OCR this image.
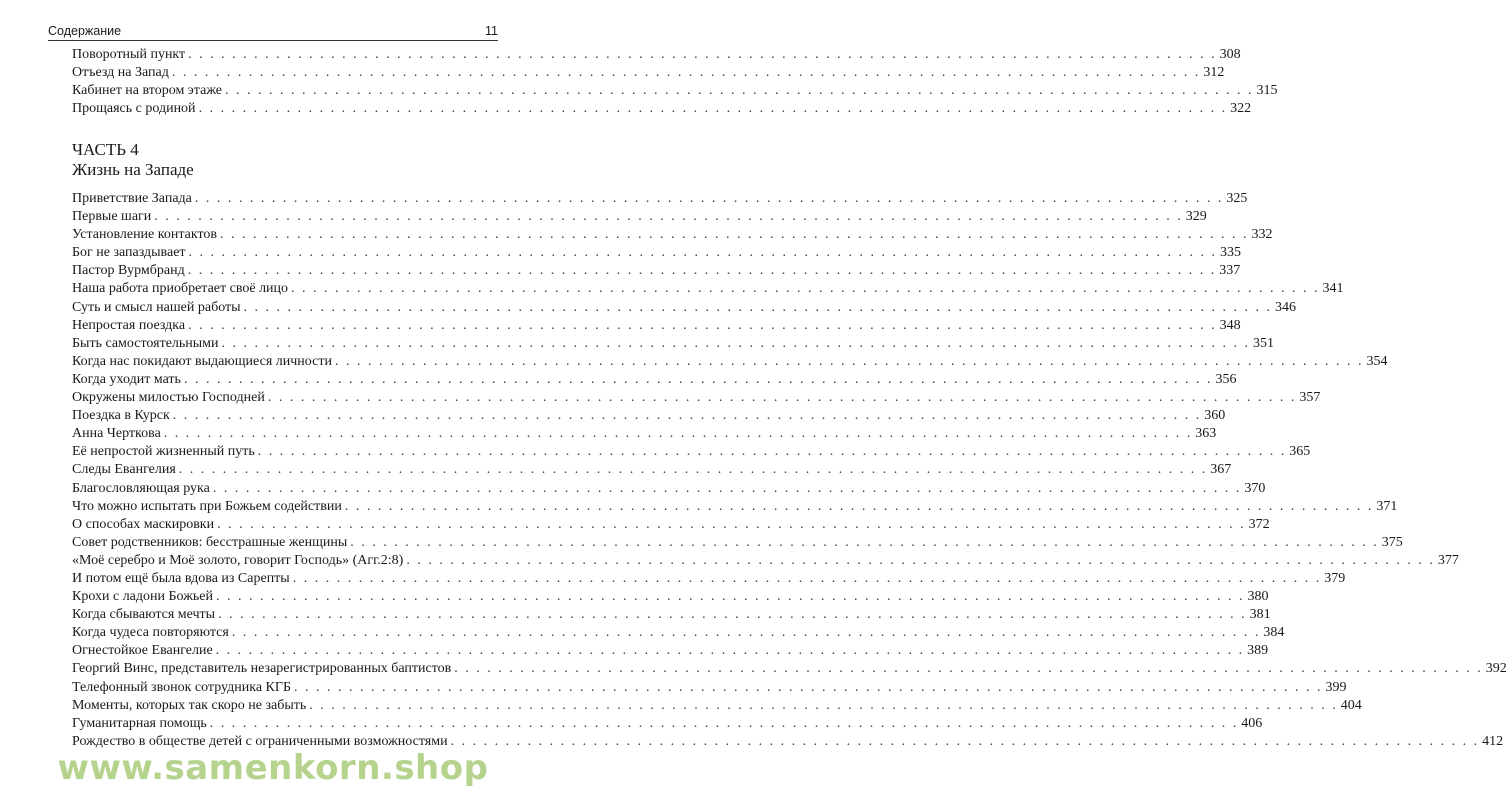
Содержание	11
Поворотный пункт . . .	308
Отъезд на Запад . . .	312
Кабинет на втором этаже . . .	315
Прощаясь с родиной . . .	322
ЧАСТЬ 4
Жизнь на Западе
Приветствие Запада . . .	325
Первые шаги . . .	329
Установление контактов . . .	332
Бог не запаздывает . . .	335
Пастор Вурмбранд . . .	337
Наша работа приобретает своё лицо . . .	341
Суть и смысл нашей работы . . .	346
Непростая поездка . . .	348
Быть самостоятельными . . .	351
Когда нас покидают выдающиеся личности . . .	354
Когда уходит мать . . .	356
Окружены милостью Господней . . .	357
Поездка в Курск . . .	360
Анна Черткова . . .	363
Её непростой жизненный путь . . .	365
Следы Евангелия . . .	367
Благословляющая рука . . .	370
Что можно испытать при Божьем содействии . . .	371
О способах маскировки . . .	372
Совет родственников: бесстрашные женщины . . .	375
«Моё серебро и Моё золото, говорит Господь» (Агг.2:8) . . .	377
И потом ещё была вдова из Сарепты . . .	379
Крохи с ладони Божьей . . .	380
Когда сбываются мечты . . .	381
Когда чудеса повторяются . . .	384
Огнестойкое Евангелие . . .	389
Георгий Винс, представитель незарегистрированных баптистов . . .	392
Телефонный звонок сотрудника КГБ . . .	399
Моменты, которых так скоро не забыть . . .	404
Гуманитарная помощь . . .	406
Рождество в обществе детей с ограниченными возможностями . . .	412
www.samenkorn.shop
